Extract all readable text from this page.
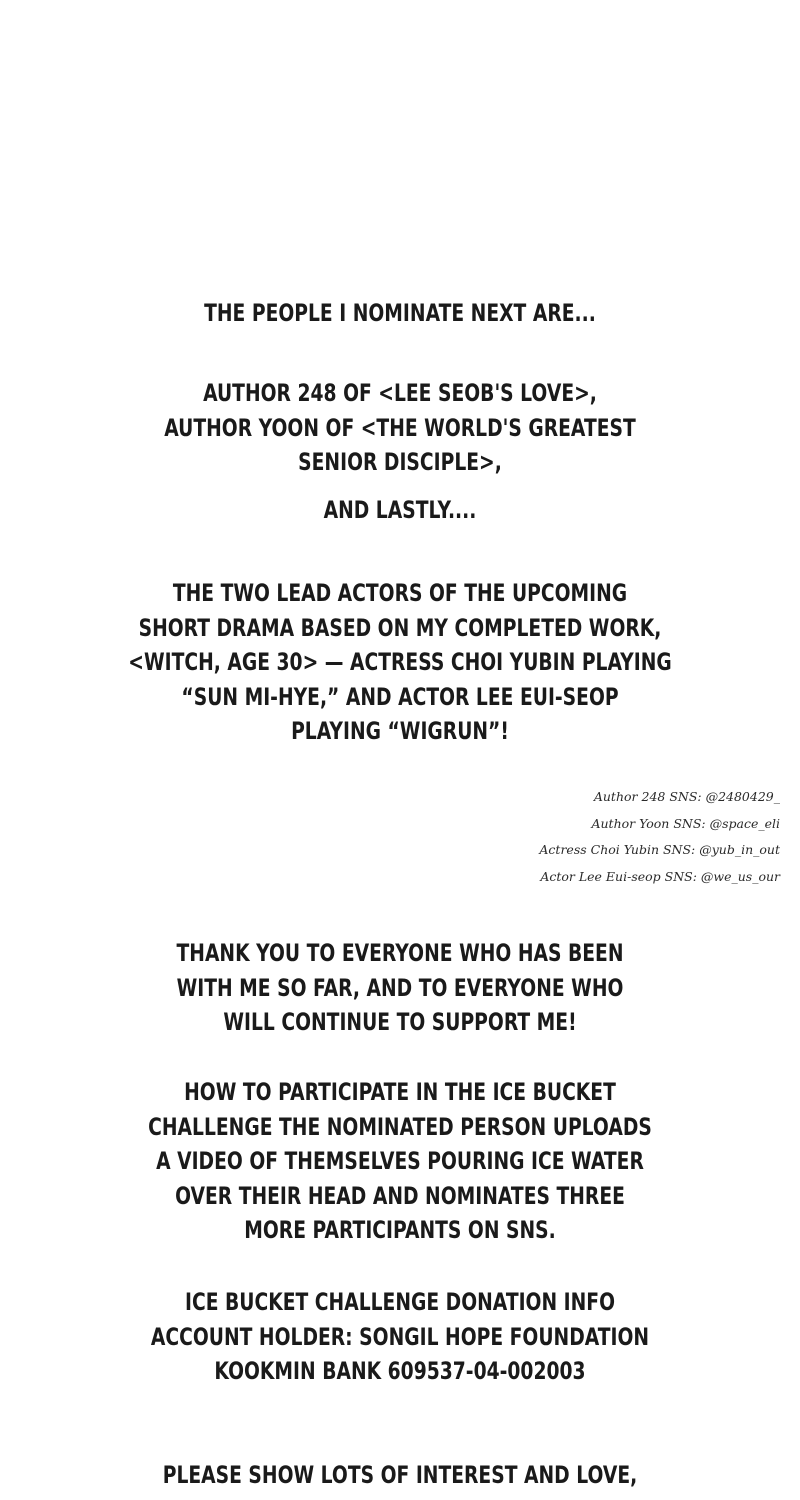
THE PEOPLE I NOMINATE NEXT ARE...
AUTHOR 248 OF <LEE SEOB'S LOVE>,
AUTHOR YOON OF <THE WORLD'S GREATEST
SENIOR DISCIPLE>,
AND LASTLY....
THE TWO LEAD ACTORS OF THE UPCOMING
SHORT DRAMA BASED ON MY COMPLETED WORK,
<WITCH, AGE 30> — ACTRESS CHOI YUBIN PLAYING
“SUN MI-HYE,” AND ACTOR LEE EUI-SEOP
PLAYING “WIGRUN”!
Author 248 SNS: @2480429_
Author Yoon SNS: @space_eli
Actress Choi Yubin SNS: @yub_in_out
Actor Lee Eui-seop SNS: @we_us_our
THANK YOU TO EVERYONE WHO HAS BEEN
WITH ME SO FAR, AND TO EVERYONE WHO
WILL CONTINUE TO SUPPORT ME!
HOW TO PARTICIPATE IN THE ICE BUCKET
CHALLENGE THE NOMINATED PERSON UPLOADS
A VIDEO OF THEMSELVES POURING ICE WATER
OVER THEIR HEAD AND NOMINATES THREE
MORE PARTICIPANTS ON SNS.
ICE BUCKET CHALLENGE DONATION INFO
ACCOUNT HOLDER: SONGIL HOPE FOUNDATION
KOOKMIN BANK 609537-04-002003
PLEASE SHOW LOTS OF INTEREST AND LOVE,
